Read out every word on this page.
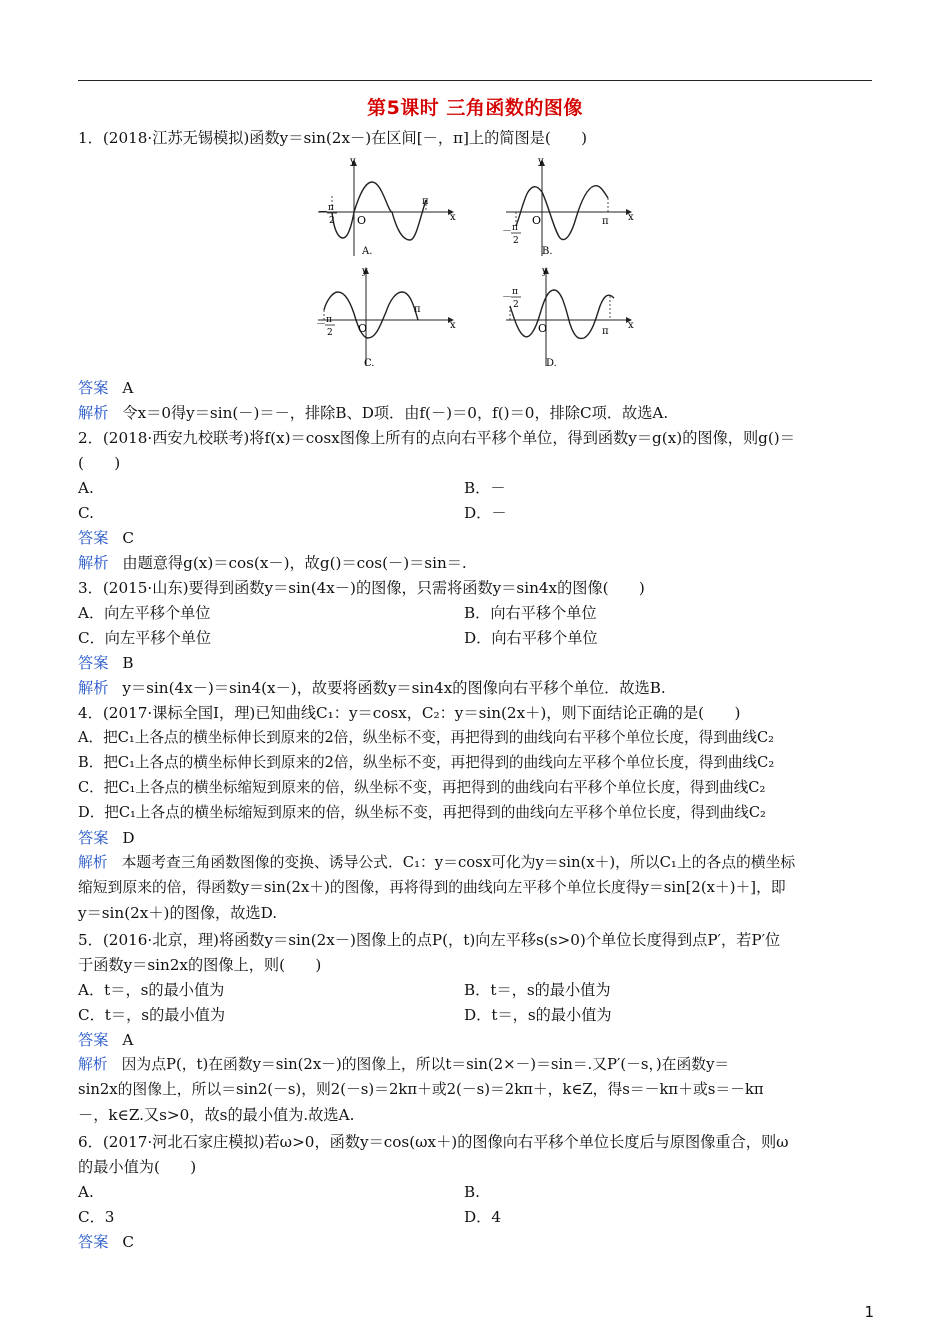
第5课时 三角函数的图像
1．(2018·江苏无锡模拟)函数y＝sin(2x－)在区间[－，π]上的简图是(　　)
y
x
O
π
－ π
2
A.
y
x
O	π
－ π
2
B.
y
x
O
π
－ π
2
C.
y
x
O	π
－ π
2
D.
答案 A
解析 令x＝0得y＝sin(－)＝－，排除B、D项．由f(－)＝0，f()＝0，排除C项．故选A.
2．(2018·西安九校联考)将f(x)＝cosx图像上所有的点向右平移个单位，得到函数y＝g(x)的图像，则g()＝
(　　)
A.	B．－
C.	D．－
答案 C
解析 由题意得g(x)＝cos(x－)，故g()＝cos(－)＝sin＝.
3．(2015·山东)要得到函数y＝sin(4x－)的图像，只需将函数y＝sin4x的图像(　　)
A．向左平移个单位	B．向右平移个单位
C．向左平移个单位	D．向右平移个单位
答案 B
解析 y＝sin(4x－)＝sin4(x－)，故要将函数y＝sin4x的图像向右平移个单位．故选B.
4．(2017·课标全国Ⅰ，理)已知曲线C₁：y＝cosx，C₂：y＝sin(2x＋)，则下面结论正确的是(　　)
A．把C₁上各点的横坐标伸长到原来的2倍，纵坐标不变，再把得到的曲线向右平移个单位长度，得到曲线C₂
B．把C₁上各点的横坐标伸长到原来的2倍，纵坐标不变，再把得到的曲线向左平移个单位长度，得到曲线C₂
C．把C₁上各点的横坐标缩短到原来的倍，纵坐标不变，再把得到的曲线向右平移个单位长度，得到曲线C₂
D．把C₁上各点的横坐标缩短到原来的倍，纵坐标不变，再把得到的曲线向左平移个单位长度，得到曲线C₂
答案 D
解析 本题考查三角函数图像的变换、诱导公式．C₁：y＝cosx可化为y＝sin(x＋)，所以C₁上的各点的横坐标
缩短到原来的倍，得函数y＝sin(2x＋)的图像，再将得到的曲线向左平移个单位长度得y＝sin[2(x＋)＋]，即
y＝sin(2x＋)的图像，故选D.
5．(2016·北京，理)将函数y＝sin(2x－)图像上的点P(，t)向左平移s(s>0)个单位长度得到点P′，若P′位
于函数y＝sin2x的图像上，则(　　)
A．t＝，s的最小值为	B．t＝，s的最小值为
C．t＝，s的最小值为	D．t＝，s的最小值为
答案 A
解析 因为点P(，t)在函数y＝sin(2x－)的图像上，所以t＝sin(2×－)＝sin＝.又P′(－s，)在函数y＝
sin2x的图像上，所以＝sin2(－s)，则2(－s)＝2kπ＋或2(－s)＝2kπ＋，k∈Z，得s＝－kπ＋或s＝－kπ
－，k∈Z.又s>0，故s的最小值为.故选A.
6．(2017·河北石家庄模拟)若ω>0，函数y＝cos(ωx＋)的图像向右平移个单位长度后与原图像重合，则ω
的最小值为(　　)
A.	B.
C．3	D．4
答案 C
1
